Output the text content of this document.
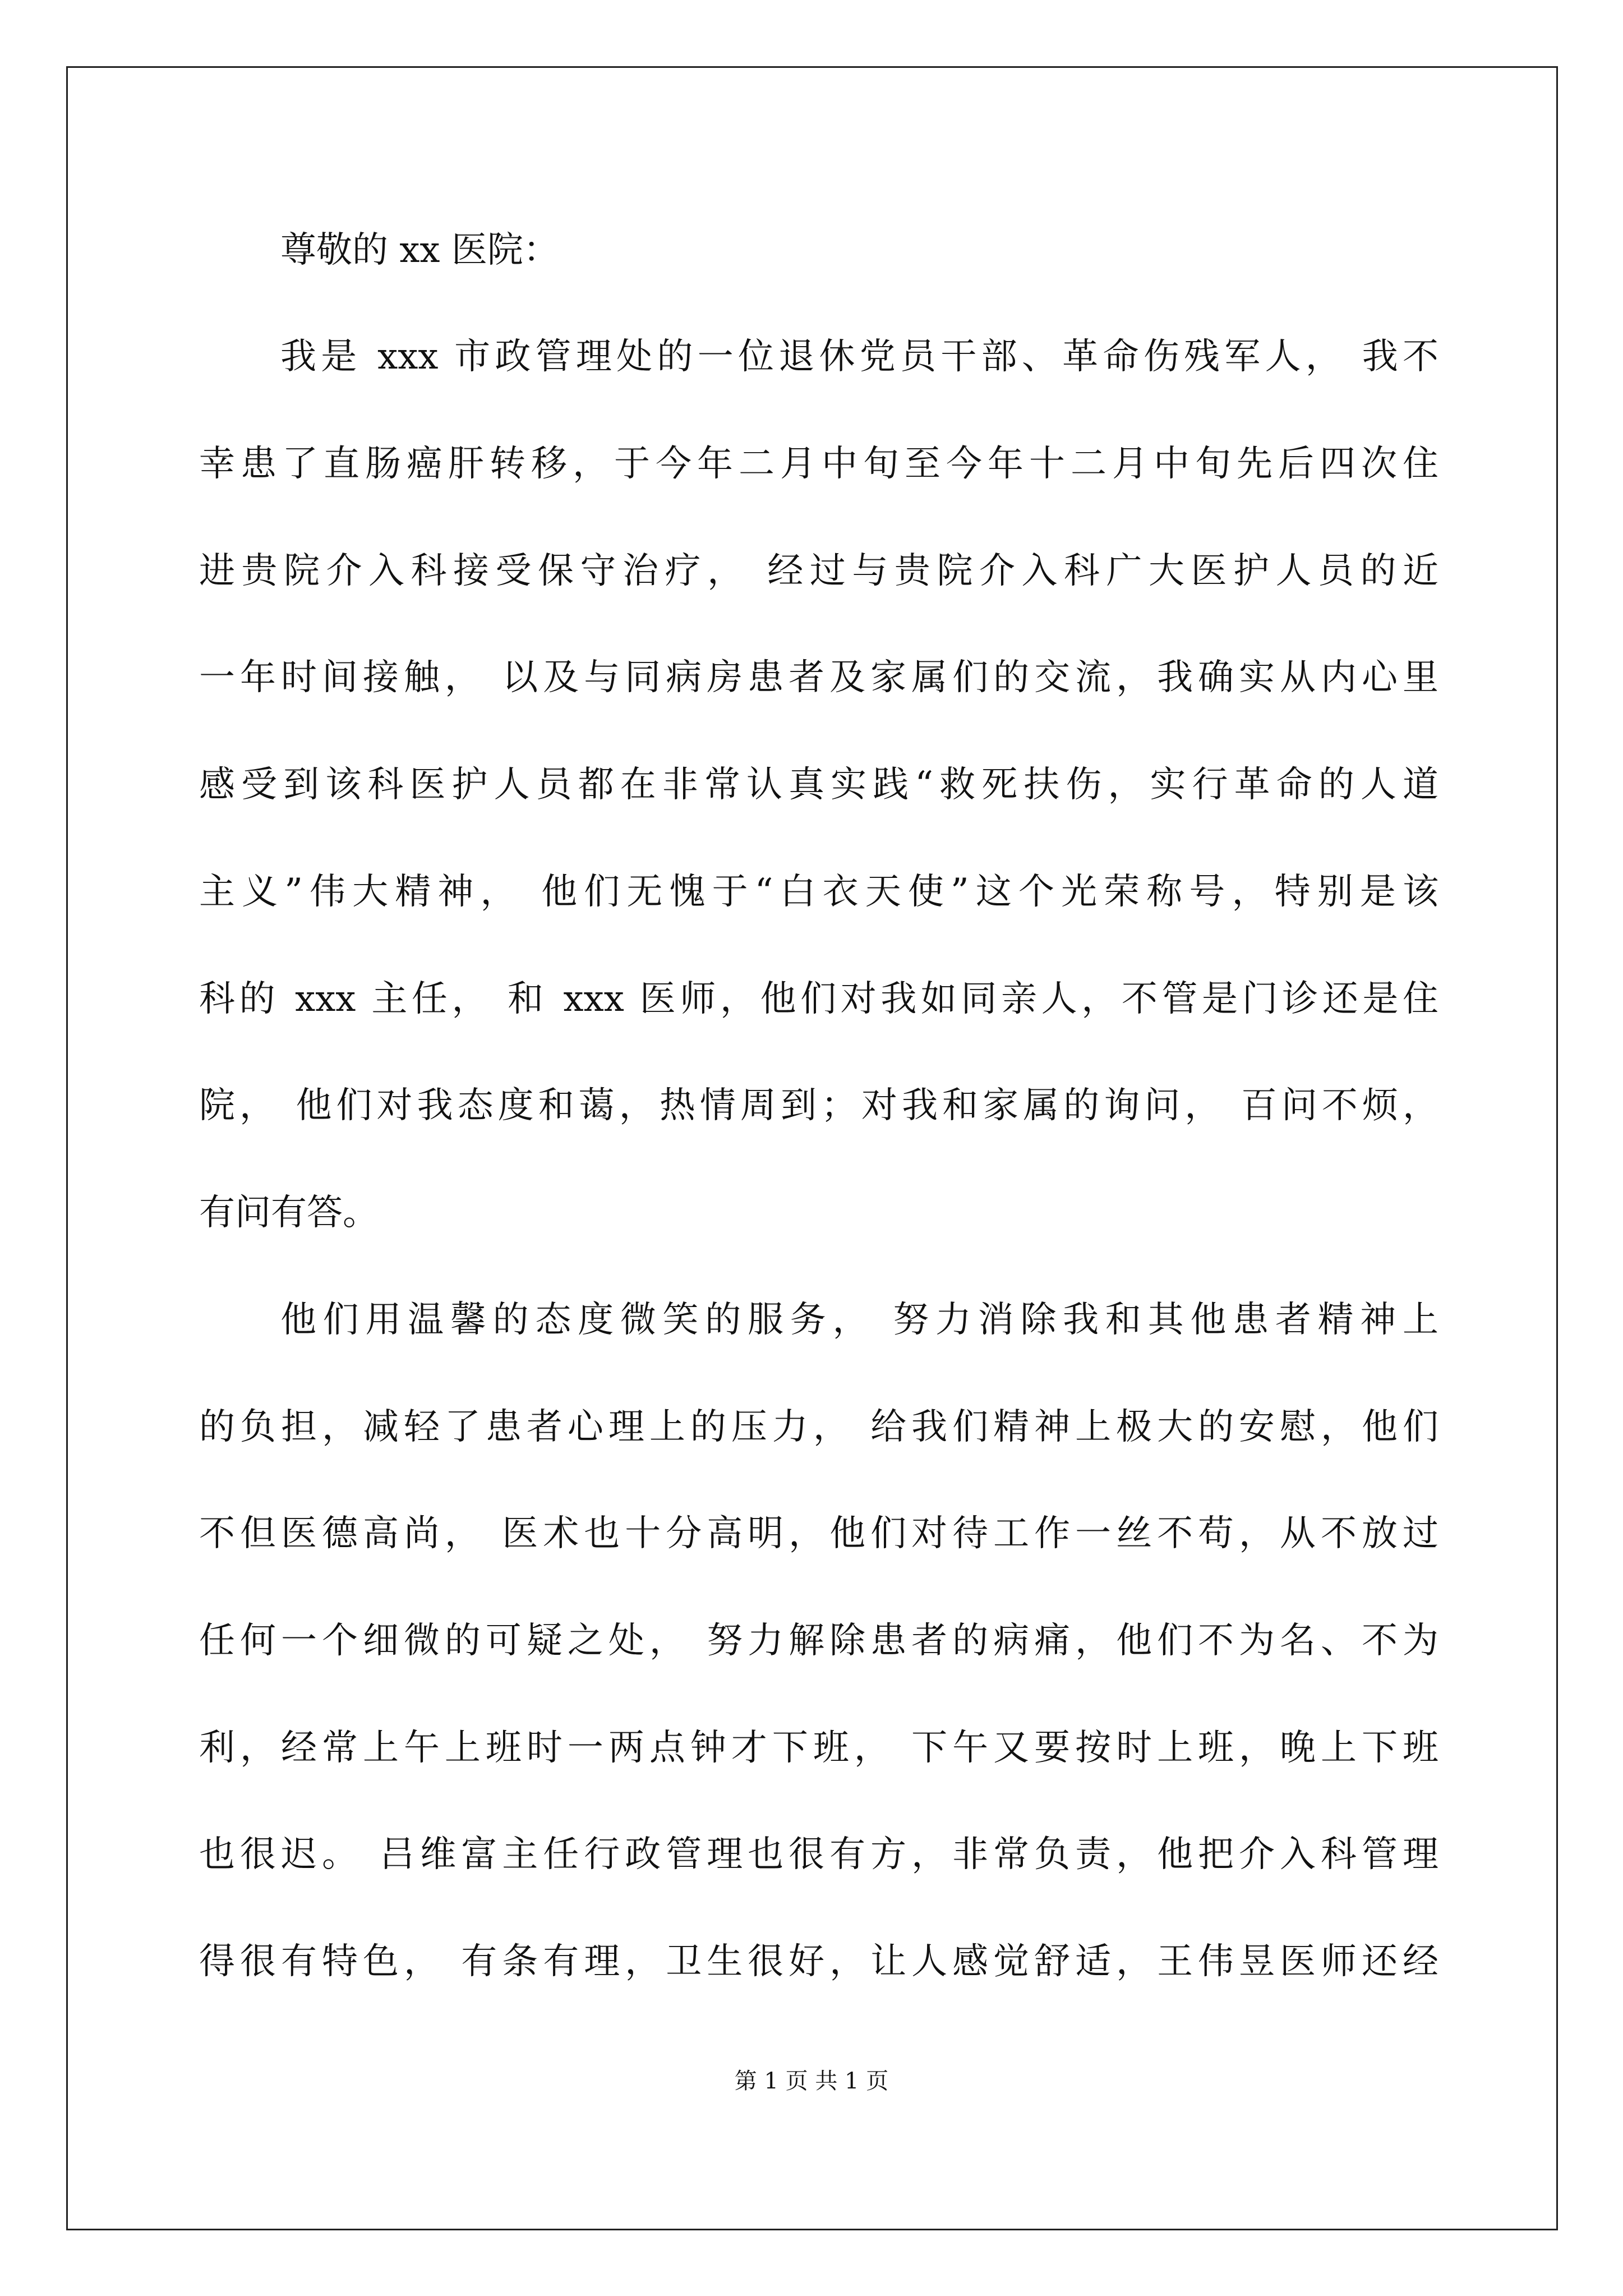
尊敬的 xx 医院：
我是 xxx 市政管理处的一位退休党员干部、革命伤残军人， 我不
幸患了直肠癌肝转移，于今年二月中旬至今年十二月中旬先后四次住
进贵院介入科接受保守治疗， 经过与贵院介入科广大医护人员的近
一年时间接触， 以及与同病房患者及家属们的交流，我确实从内心里
感受到该科医护人员都在非常认真实践“救死扶伤，实行革命的人道
主义”伟大精神， 他们无愧于“白衣天使”这个光荣称号，特别是该
科的 xxx 主任， 和 xxx 医师，他们对我如同亲人，不管是门诊还是住
院， 他们对我态度和蔼，热情周到；对我和家属的询问， 百问不烦，
有问有答。
他们用温馨的态度微笑的服务， 努力消除我和其他患者精神上
的负担，减轻了患者心理上的压力， 给我们精神上极大的安慰，他们
不但医德高尚， 医术也十分高明，他们对待工作一丝不苟，从不放过
任何一个细微的可疑之处， 努力解除患者的病痛，他们不为名、不为
利，经常上午上班时一两点钟才下班， 下午又要按时上班，晚上下班
也很迟。 吕维富主任行政管理也很有方，非常负责，他把介入科管理
得很有特色， 有条有理，卫生很好，让人感觉舒适，王伟昱医师还经
第 1 页 共 1 页
